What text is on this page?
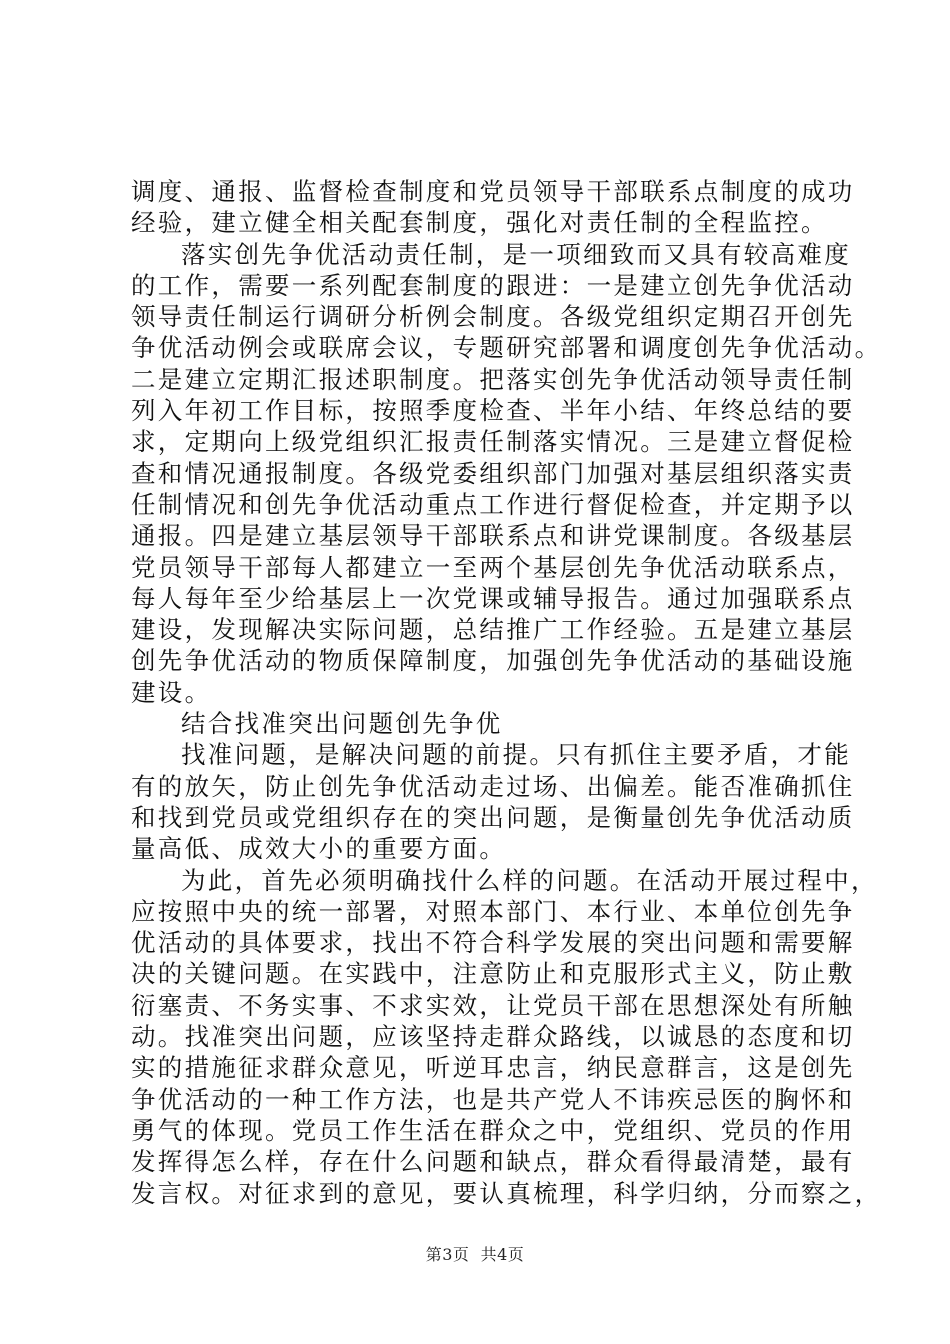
调度、通报、监督检查制度和党员领导干部联系点制度的成功
经验，建立健全相关配套制度，强化对责任制的全程监控。
落实创先争优活动责任制，是一项细致而又具有较高难度
的工作，需要一系列配套制度的跟进：一是建立创先争优活动
领导责任制运行调研分析例会制度。各级党组织定期召开创先
争优活动例会或联席会议，专题研究部署和调度创先争优活动。
二是建立定期汇报述职制度。把落实创先争优活动领导责任制
列入年初工作目标，按照季度检查、半年小结、年终总结的要
求，定期向上级党组织汇报责任制落实情况。三是建立督促检
查和情况通报制度。各级党委组织部门加强对基层组织落实责
任制情况和创先争优活动重点工作进行督促检查，并定期予以
通报。四是建立基层领导干部联系点和讲党课制度。各级基层
党员领导干部每人都建立一至两个基层创先争优活动联系点，
每人每年至少给基层上一次党课或辅导报告。通过加强联系点
建设，发现解决实际问题，总结推广工作经验。五是建立基层
创先争优活动的物质保障制度，加强创先争优活动的基础设施
建设。
结合找准突出问题创先争优
找准问题，是解决问题的前提。只有抓住主要矛盾，才能
有的放矢，防止创先争优活动走过场、出偏差。能否准确抓住
和找到党员或党组织存在的突出问题，是衡量创先争优活动质
量高低、成效大小的重要方面。
为此，首先必须明确找什么样的问题。在活动开展过程中，
应按照中央的统一部署，对照本部门、本行业、本单位创先争
优活动的具体要求，找出不符合科学发展的突出问题和需要解
决的关键问题。在实践中，注意防止和克服形式主义，防止敷
衍塞责、不务实事、不求实效，让党员干部在思想深处有所触
动。找准突出问题，应该坚持走群众路线，以诚恳的态度和切
实的措施征求群众意见，听逆耳忠言，纳民意群言，这是创先
争优活动的一种工作方法，也是共产党人不讳疾忌医的胸怀和
勇气的体现。党员工作生活在群众之中，党组织、党员的作用
发挥得怎么样，存在什么问题和缺点，群众看得最清楚，最有
发言权。对征求到的意见，要认真梳理，科学归纳，分而察之，
第3页  共4页
